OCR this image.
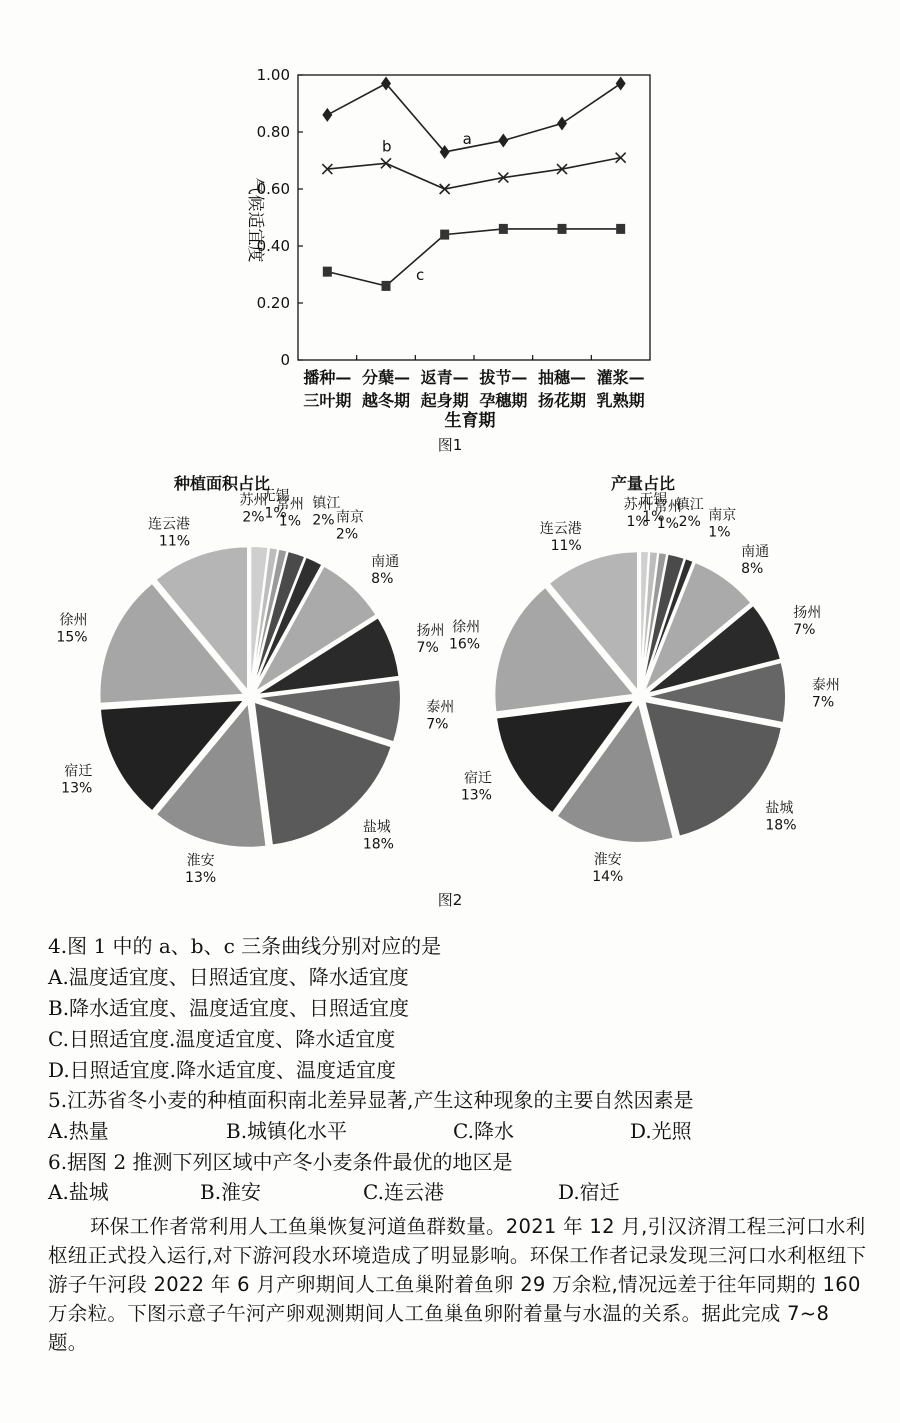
0
0.20
0.40
0.60
0.80
1.00
播种—
三叶期
分蘖—
越冬期
返青—
起身期
拔节—
孕穗期
抽穗—
扬花期
灌浆—
乳熟期
a
b
c
气候适宜度
生育期
图1
种植面积占比	产量占比
苏州
2%
无锡
1%
常州
1%
镇江
2% 南京
2%
南通
8%
扬州
7%
泰州
7%
盐城
18%
淮安
13%
宿迁
13%
徐州
15%
连云港
11%
苏州
1%
无锡
1%
常州
1%
镇江
2% 南京
1%
南通
8%
扬州
7%
泰州
7%
盐城
18%
淮安
14%
宿迁
13%
徐州
16%
连云港
11%
图2
4.图 1 中的 a、b、c 三条曲线分别对应的是
A.温度适宜度、日照适宜度、降水适宜度
B.降水适宜度、温度适宜度、日照适宜度
C.日照适宜度.温度适宜度、降水适宜度
D.日照适宜度.降水适宜度、温度适宜度
5.江苏省冬小麦的种植面积南北差异显著,产生这种现象的主要自然因素是
A.热量	B.城镇化水平	C.降水	D.光照
6.据图 2 推测下列区域中产冬小麦条件最优的地区是
A.盐城	B.淮安	C.连云港	D.宿迁
环保工作者常利用人工鱼巢恢复河道鱼群数量。2021 年 12 月,引汉济渭工程三河口水利枢纽正式投入运行,对下游河段水环境造成了明显影响。环保工作者记录发现三河口水利枢纽下游子午河段 2022 年 6 月产卵期间人工鱼巢附着鱼卵 29 万余粒,情况远差于往年同期的 160 万余粒。下图示意子午河产卵观测期间人工鱼巢鱼卵附着量与水温的关系。据此完成 7~8 题。
